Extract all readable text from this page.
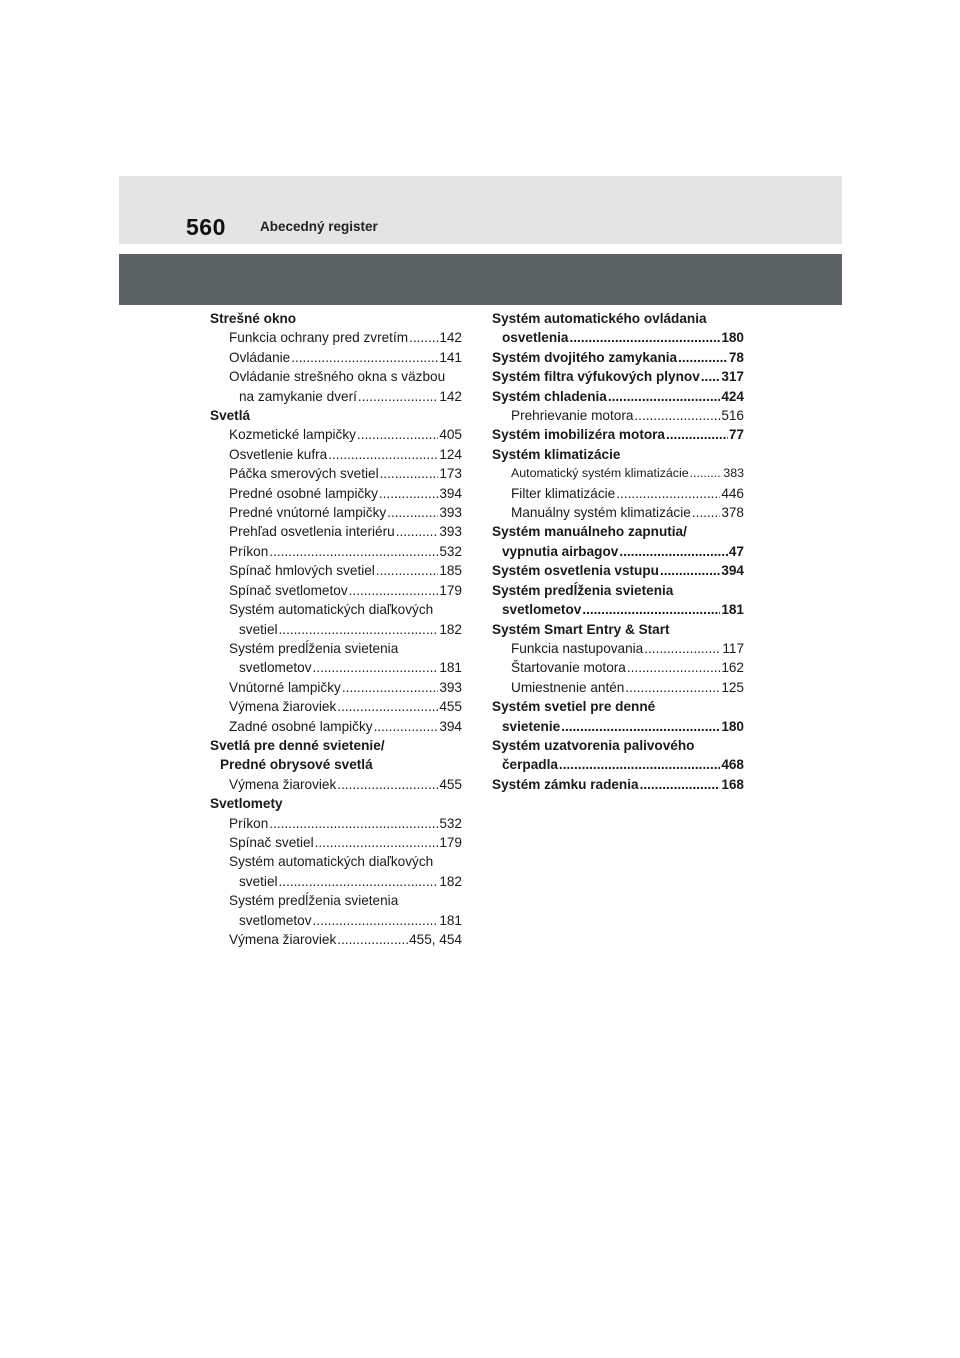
560	Abecedný register
Strešné okno
Funkcia ochrany pred zvretím ..... 142
Ovládanie .....	141
Ovládanie strešného okna s väzbou
na zamykanie dverí .....	142
Svetlá
Kozmetické lampičky .....	405
Osvetlenie kufra .....	124
Páčka smerových svetiel .....	173
Predné osobné lampičky .....	394
Predné vnútorné lampičky .....	393
Prehľad osvetlenia interiéru .....	393
Príkon .....	532
Spínač hmlových svetiel .....	185
Spínač svetlometov .....	179
Systém automatických diaľkových
svetiel .....	182
Systém predĺženia svietenia
svetlometov .....	181
Vnútorné lampičky .....	393
Výmena žiaroviek .....	455
Zadné osobné lampičky .....	394
Svetlá pre denné svietenie/
Predné obrysové svetlá
Výmena žiaroviek .....	455
Svetlomety
Príkon .....	532
Spínač svetiel .....	179
Systém automatických diaľkových
svetiel .....	182
Systém predĺženia svietenia
svetlometov .....	181
Výmena žiaroviek .....	455, 454
Systém automatického ovládania
osvetlenia .....	180
Systém dvojitého zamykania .....	78
Systém filtra výfukových plynov ..... 317
Systém chladenia .....	424
Prehrievanie motora .....	516
Systém imobilizéra motora .....	77
Systém klimatizácie
Automatický systém klimatizácie .....	383
Filter klimatizácie .....	446
Manuálny systém klimatizácie ..... 378
Systém manuálneho zapnutia/
vypnutia airbagov .....	47
Systém osvetlenia vstupu .....	394
Systém predĺženia svietenia
svetlometov .....	181
Systém Smart Entry & Start
Funkcia nastupovania .....	117
Štartovanie motora .....	162
Umiestnenie antén .....	125
Systém svetiel pre denné
svietenie .....	180
Systém uzatvorenia palivového
čerpadla .....	468
Systém zámku radenia .....	168
